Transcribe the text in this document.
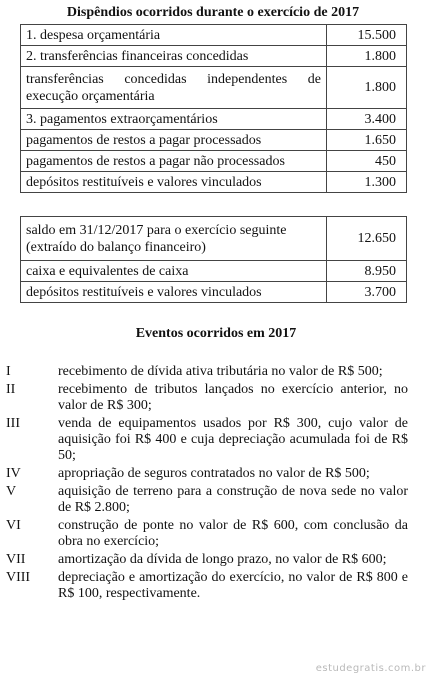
Dispêndios ocorridos durante o exercício de 2017
1. despesa orçamentária	15.500
2. transferências financeiras concedidas	1.800
transferências concedidas independentes de execução orçamentária	1.800
3. pagamentos extraorçamentários	3.400
pagamentos de restos a pagar processados	1.650
pagamentos de restos a pagar não processados	450
depósitos restituíveis e valores vinculados	1.300
saldo em 31/12/2017 para o exercício seguinte (extraído do balanço financeiro)	12.650
caixa e equivalentes de caixa	8.950
depósitos restituíveis e valores vinculados	3.700
Eventos ocorridos em 2017
I	recebimento de dívida ativa tributária no valor de R$ 500;
II	recebimento de tributos lançados no exercício anterior, no valor de R$ 300;
III	venda de equipamentos usados por R$ 300, cujo valor de aquisição foi R$ 400 e cuja depreciação acumulada foi de R$ 50;
IV	apropriação de seguros contratados no valor de R$ 500;
V	aquisição de terreno para a construção de nova sede no valor de R$ 2.800;
VI	construção de ponte no valor de R$ 600, com conclusão da obra no exercício;
VII	amortização da dívida de longo prazo, no valor de R$ 600;
VIII	depreciação e amortização do exercício, no valor de R$ 800 e R$ 100, respectivamente.
estudegratis.com.br
